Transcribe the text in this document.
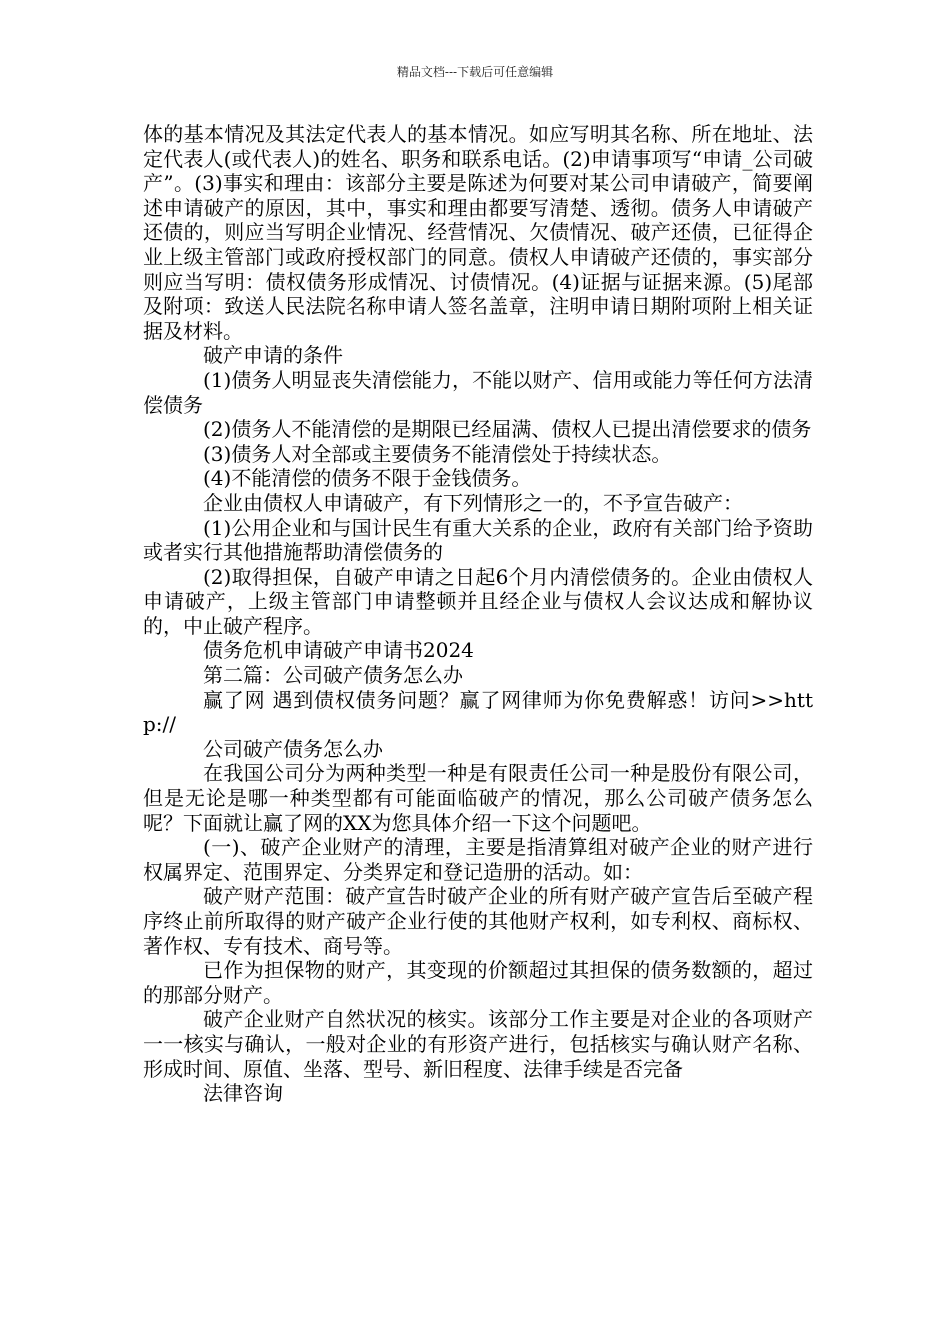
精品文档---下载后可任意编辑

体的基本情况及其法定代表人的基本情况。如应写明其名称、所在地址、法定代表人(或代表人)的姓名、职务和联系电话。(2)申请事项写“申请_公司破产”。(3)事实和理由：该部分主要是陈述为何要对某公司申请破产，简要阐述申请破产的原因，其中，事实和理由都要写清楚、透彻。债务人申请破产还债的，则应当写明企业情况、经营情况、欠债情况、破产还债，已征得企业上级主管部门或政府授权部门的同意。债权人申请破产还债的，事实部分则应当写明：债权债务形成情况、讨债情况。(4)证据与证据来源。(5)尾部及附项：致送人民法院名称申请人签名盖章，注明申请日期附项附上相关证据及材料。

破产申请的条件

(1)债务人明显丧失清偿能力，不能以财产、信用或能力等任何方法清偿债务

(2)债务人不能清偿的是期限已经届满、债权人已提出清偿要求的债务

(3)债务人对全部或主要债务不能清偿处于持续状态。

(4)不能清偿的债务不限于金钱债务。

企业由债权人申请破产，有下列情形之一的，不予宣告破产：

(1)公用企业和与国计民生有重大关系的企业，政府有关部门给予资助或者实行其他措施帮助清偿债务的

(2)取得担保，自破产申请之日起6个月内清偿债务的。企业由债权人申请破产，上级主管部门申请整顿并且经企业与债权人会议达成和解协议的，中止破产程序。

债务危机申请破产申请书2024

第二篇：公司破产债务怎么办

赢了网 遇到债权债务问题？赢了网律师为你免费解惑！访问>>http://

公司破产债务怎么办

在我国公司分为两种类型一种是有限责任公司一种是股份有限公司，但是无论是哪一种类型都有可能面临破产的情况，那么公司破产债务怎么呢？下面就让赢了网的XX为您具体介绍一下这个问题吧。

(一)、破产企业财产的清理，主要是指清算组对破产企业的财产进行权属界定、范围界定、分类界定和登记造册的活动。如：

破产财产范围：破产宣告时破产企业的所有财产破产宣告后至破产程序终止前所取得的财产破产企业行使的其他财产权利，如专利权、商标权、著作权、专有技术、商号等。

已作为担保物的财产，其变现的价额超过其担保的债务数额的，超过的那部分财产。

破产企业财产自然状况的核实。该部分工作主要是对企业的各项财产一一核实与确认，一般对企业的有形资产进行，包括核实与确认财产名称、形成时间、原值、坐落、型号、新旧程度、法律手续是否完备

法律咨询
